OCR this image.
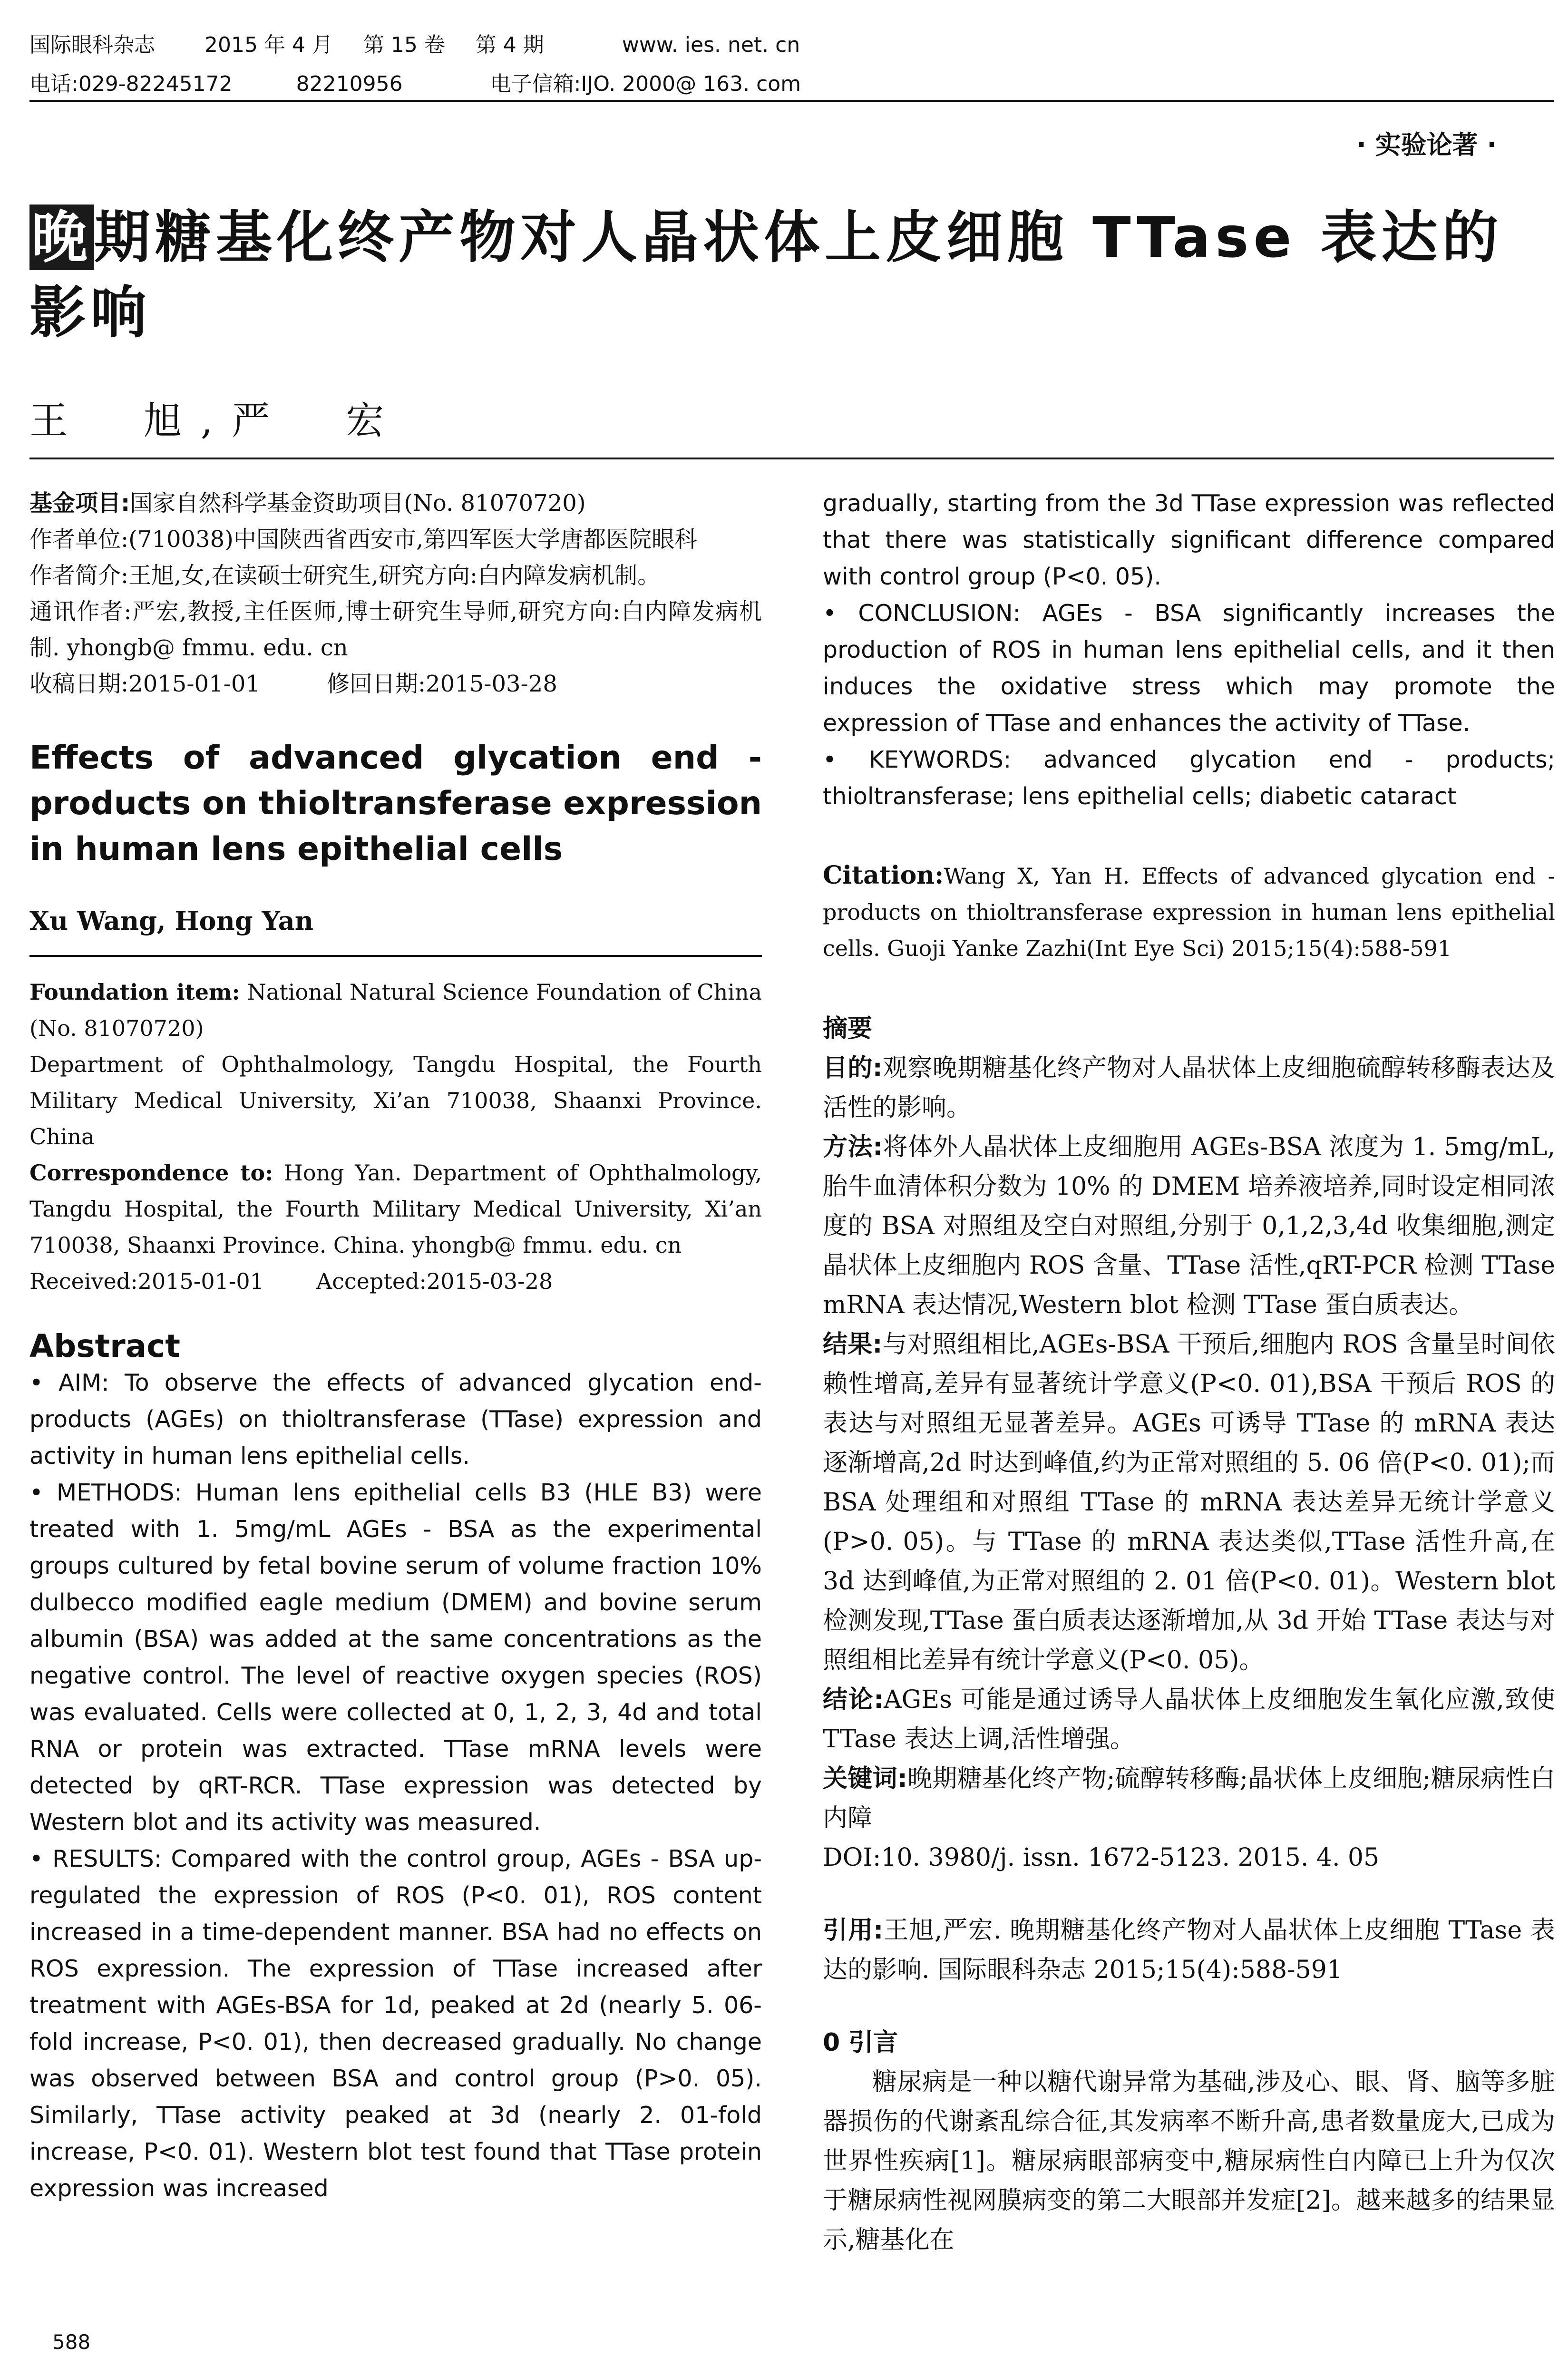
国际眼科杂志 2015 年 4 月 第 15 卷 第 4 期	www. ies. net. cn
电话:029-82245172	82210956	电子信箱:IJO. 2000@ 163. com
· 实验论著 ·
晚期糖基化终产物对人晶状体上皮细胞 TTase 表达的影响
王　旭,严　宏

基金项目:国家自然科学基金资助项目(No. 81070720)

作者单位:(710038)中国陕西省西安市,第四军医大学唐都医院眼科

作者简介:王旭,女,在读硕士研究生,研究方向:白内障发病机制。

通讯作者:严宏,教授,主任医师,博士研究生导师,研究方向:白内障发病机制. yhongb@ fmmu. edu. cn

收稿日期:2015-01-01	修回日期:2015-03-28

Effects of advanced glycation end - products on thioltransferase expression in human lens epithelial cells
Xu Wang, Hong Yan

Foundation item: National Natural Science Foundation of China (No. 81070720)

Department of Ophthalmology, Tangdu Hospital, the Fourth Military Medical University, Xi’an 710038, Shaanxi Province. China

Correspondence to: Hong Yan. Department of Ophthalmology, Tangdu Hospital, the Fourth Military Medical University, Xi’an 710038, Shaanxi Province. China. yhongb@ fmmu. edu. cn

Received:2015-01-01 Accepted:2015-03-28

Abstract

• AIM: To observe the effects of advanced glycation end-products (AGEs) on thioltransferase (TTase) expression and activity in human lens epithelial cells.

• METHODS: Human lens epithelial cells B3 (HLE B3) were treated with 1. 5mg/mL AGEs - BSA as the experimental groups cultured by fetal bovine serum of volume fraction 10% dulbecco modified eagle medium (DMEM) and bovine serum albumin (BSA) was added at the same concentrations as the negative control. The level of reactive oxygen species (ROS) was evaluated. Cells were collected at 0, 1, 2, 3, 4d and total RNA or protein was extracted. TTase mRNA levels were detected by qRT-RCR. TTase expression was detected by Western blot and its activity was measured.

• RESULTS: Compared with the control group, AGEs - BSA up-regulated the expression of ROS (P<0. 01), ROS content increased in a time-dependent manner. BSA had no effects on ROS expression. The expression of TTase increased after treatment with AGEs-BSA for 1d, peaked at 2d (nearly 5. 06-fold increase, P<0. 01), then decreased gradually. No change was observed between BSA and control group (P>0. 05). Similarly, TTase activity peaked at 3d (nearly 2. 01-fold increase, P<0. 01). Western blot test found that TTase protein expression was increased

588

gradually, starting from the 3d TTase expression was reflected that there was statistically significant difference compared with control group (P<0. 05).

• CONCLUSION: AGEs - BSA significantly increases the production of ROS in human lens epithelial cells, and it then induces the oxidative stress which may promote the expression of TTase and enhances the activity of TTase.

• KEYWORDS: advanced glycation end - products; thioltransferase; lens epithelial cells; diabetic cataract

Citation:Wang X, Yan H. Effects of advanced glycation end - products on thioltransferase expression in human lens epithelial cells. Guoji Yanke Zazhi(Int Eye Sci) 2015;15(4):588-591

摘要

目的:观察晚期糖基化终产物对人晶状体上皮细胞硫醇转移酶表达及活性的影响。

方法:将体外人晶状体上皮细胞用 AGEs-BSA 浓度为 1. 5mg/mL,胎牛血清体积分数为 10% 的 DMEM 培养液培养,同时设定相同浓度的 BSA 对照组及空白对照组,分别于 0,1,2,3,4d 收集细胞,测定晶状体上皮细胞内 ROS 含量、TTase 活性,qRT-PCR 检测 TTase mRNA 表达情况,Western blot 检测 TTase 蛋白质表达。

结果:与对照组相比,AGEs-BSA 干预后,细胞内 ROS 含量呈时间依赖性增高,差异有显著统计学意义(P<0. 01),BSA 干预后 ROS 的表达与对照组无显著差异。AGEs 可诱导 TTase 的 mRNA 表达逐渐增高,2d 时达到峰值,约为正常对照组的 5. 06 倍(P<0. 01);而 BSA 处理组和对照组 TTase 的 mRNA 表达差异无统计学意义(P>0. 05)。与 TTase 的 mRNA 表达类似,TTase 活性升高,在 3d 达到峰值,为正常对照组的 2. 01 倍(P<0. 01)。Western blot 检测发现,TTase 蛋白质表达逐渐增加,从 3d 开始 TTase 表达与对照组相比差异有统计学意义(P<0. 05)。

结论:AGEs 可能是通过诱导人晶状体上皮细胞发生氧化应激,致使 TTase 表达上调,活性增强。

关键词:晚期糖基化终产物;硫醇转移酶;晶状体上皮细胞;糖尿病性白内障

DOI:10. 3980/j. issn. 1672-5123. 2015. 4. 05

引用:王旭,严宏. 晚期糖基化终产物对人晶状体上皮细胞 TTase 表达的影响. 国际眼科杂志 2015;15(4):588-591

0 引言

糖尿病是一种以糖代谢异常为基础,涉及心、眼、肾、脑等多脏器损伤的代谢紊乱综合征,其发病率不断升高,患者数量庞大,已成为世界性疾病[1]。糖尿病眼部病变中,糖尿病性白内障已上升为仅次于糖尿病性视网膜病变的第二大眼部并发症[2]。越来越多的结果显示,糖基化在
